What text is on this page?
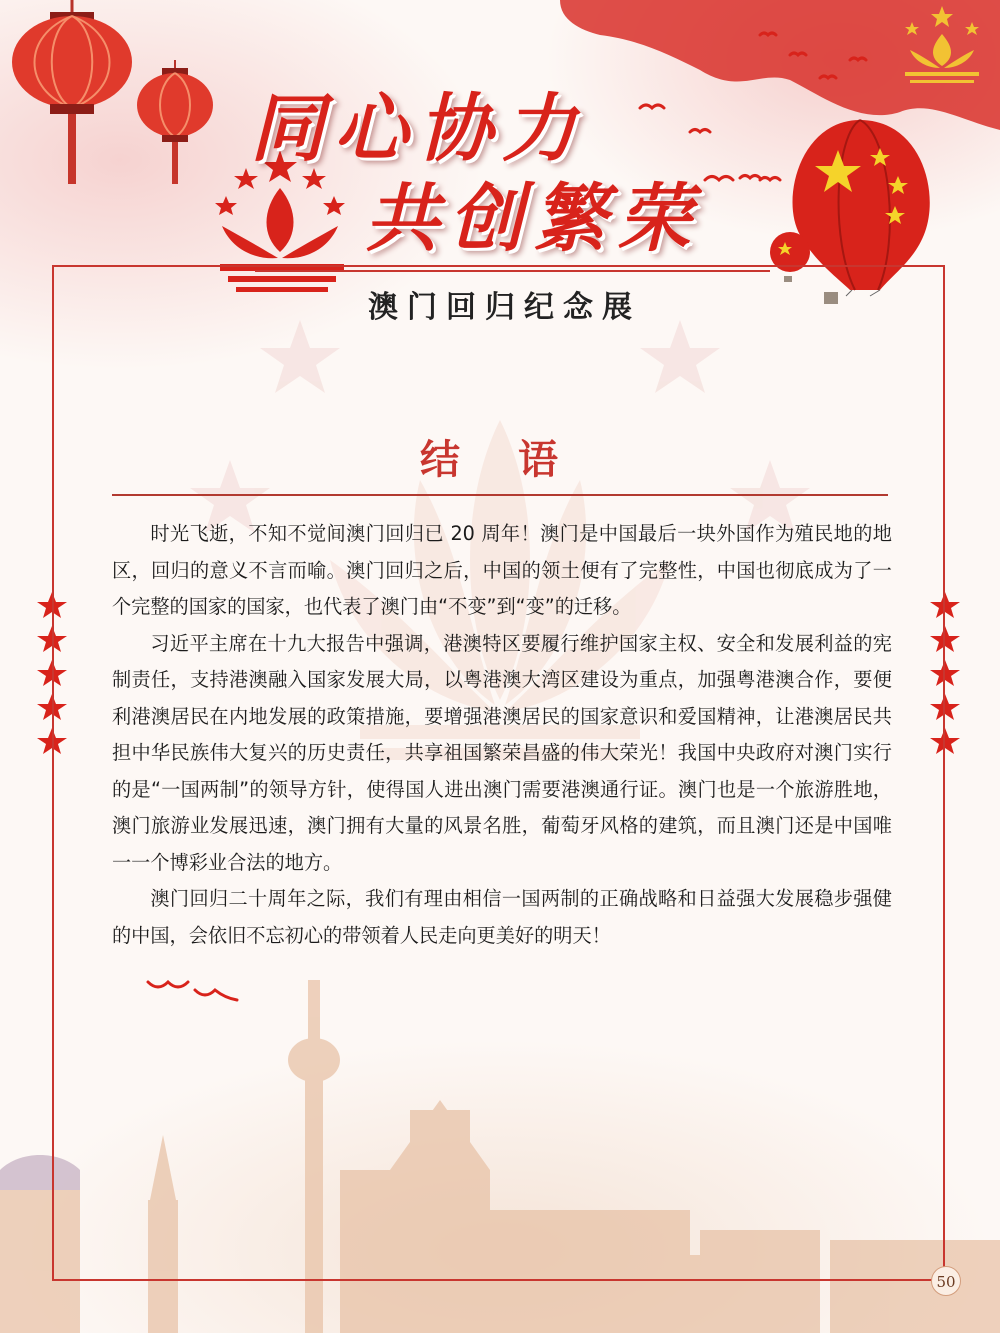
同心协力
共创繁荣
澳门回归纪念展
结 语

时光飞逝，不知不觉间澳门回归已 20 周年！澳门是中国最后一块外国作为殖民地的地区，回归的意义不言而喻。澳门回归之后，中国的领土便有了完整性，中国也彻底成为了一个完整的国家的国家，也代表了澳门由“不变”到“变”的迁移。

习近平主席在十九大报告中强调，港澳特区要履行维护国家主权、安全和发展利益的宪制责任，支持港澳融入国家发展大局，以粤港澳大湾区建设为重点，加强粤港澳合作，要便利港澳居民在内地发展的政策措施，要增强港澳居民的国家意识和爱国精神，让港澳居民共担中华民族伟大复兴的历史责任，共享祖国繁荣昌盛的伟大荣光！我国中央政府对澳门实行的是“一国两制”的领导方针，使得国人进出澳门需要港澳通行证。澳门也是一个旅游胜地，澳门旅游业发展迅速，澳门拥有大量的风景名胜，葡萄牙风格的建筑，而且澳门还是中国唯一一个博彩业合法的地方。

澳门回归二十周年之际，我们有理由相信一国两制的正确战略和日益强大发展稳步强健的中国，会依旧不忘初心的带领着人民走向更美好的明天！

50
